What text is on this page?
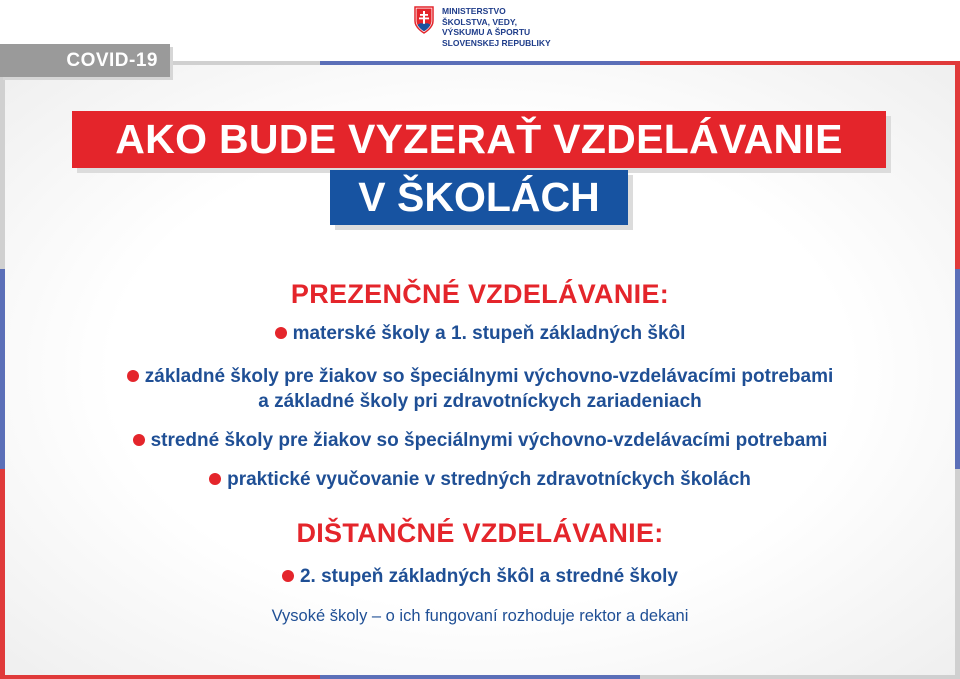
COVID-19
MINISTERSTVO
ŠKOLSTVA, VEDY,
VÝSKUMU A ŠPORTU
SLOVENSKEJ REPUBLIKY
AKO BUDE VYZERAŤ VZDELÁVANIE
V ŠKOLÁCH
PREZENČNÉ VZDELÁVANIE:
materské školy a 1. stupeň základných škôl
základné školy pre žiakov so špeciálnymi výchovno-vzdelávacími potrebami
a základné školy pri zdravotníckych zariadeniach
stredné školy pre žiakov so špeciálnymi výchovno-vzdelávacími potrebami
praktické vyučovanie v stredných zdravotníckych školách
DIŠTANČNÉ VZDELÁVANIE:
2. stupeň základných škôl a stredné školy
Vysoké školy – o ich fungovaní rozhoduje rektor a dekani
